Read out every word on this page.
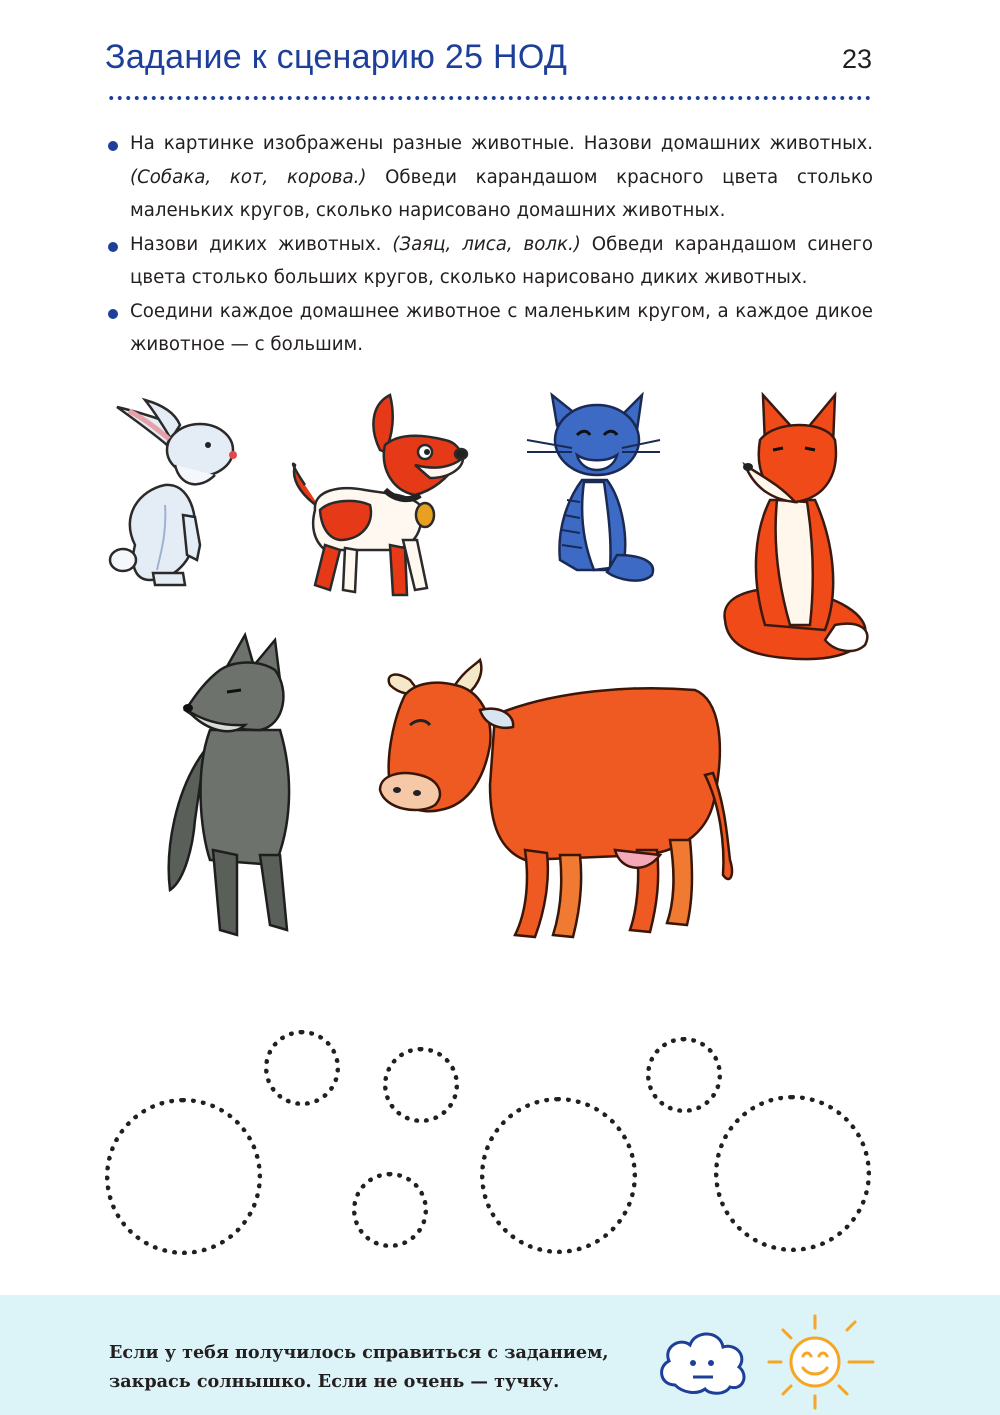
Задание к сценарию 25 НОД	23
На картинке изображены разные животные. Назови домашних животных. (Собака, кот, корова.) Обведи карандашом красного цвета столько маленьких кругов, сколько нарисовано домашних животных.
Назови диких животных. (Заяц, лиса, волк.) Обведи карандашом синего цвета столько больших кругов, сколько нарисовано диких животных.
Соедини каждое домашнее животное с маленьким кругом, а каждое дикое животное — с большим.
Если у тебя получилось справиться с заданием,
закрась солнышко. Если не очень — тучку.
